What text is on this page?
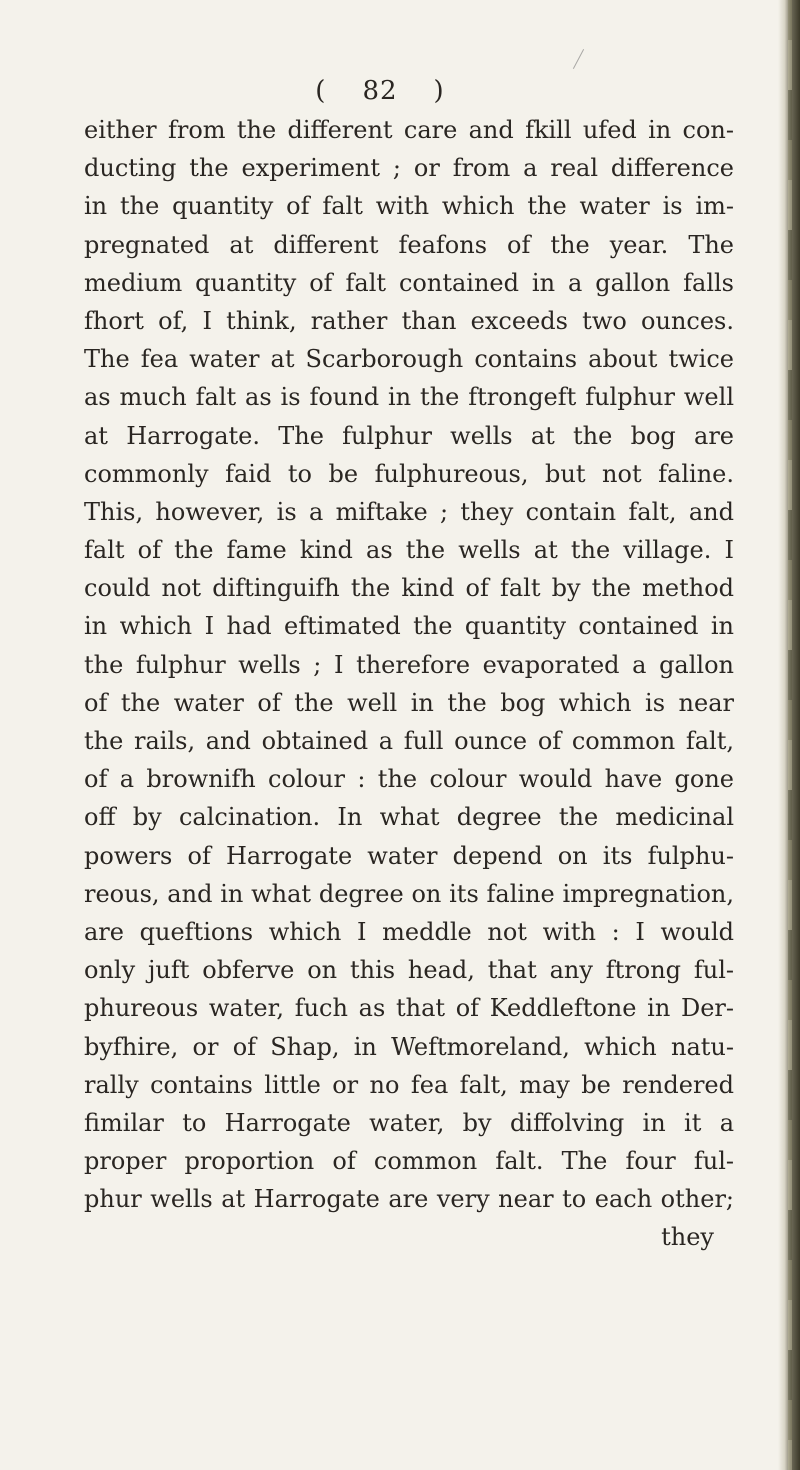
( 82 )
either from the different care and fkill ufed in con-
ducting the experiment ; or from a real difference
in the quantity of falt with which the water is im-
pregnated at different feafons of the year. The
medium quantity of falt contained in a gallon falls
fhort of, I think, rather than exceeds two ounces.
The fea water at Scarborough contains about twice
as much falt as is found in the ftrongeft fulphur well
at Harrogate. The fulphur wells at the bog are
commonly faid to be fulphureous, but not faline.
This, however, is a miftake ; they contain falt, and
falt of the fame kind as the wells at the village. I
could not diftinguifh the kind of falt by the method
in which I had eftimated the quantity contained in
the fulphur wells ; I therefore evaporated a gallon
of the water of the well in the bog which is near
the rails, and obtained a full ounce of common falt,
of a brownifh colour : the colour would have gone
off by calcination. In what degree the medicinal
powers of Harrogate water depend on its fulphu-
reous, and in what degree on its faline impregnation,
are queftions which I meddle not with : I would
only juft obferve on this head, that any ftrong ful-
phureous water, fuch as that of Keddleftone in Der-
byfhire, or of Shap, in Weftmoreland, which natu-
rally contains little or no fea falt, may be rendered
fimilar to Harrogate water, by diffolving in it a
proper proportion of common falt. The four ful-
phur wells at Harrogate are very near to each other;
they
